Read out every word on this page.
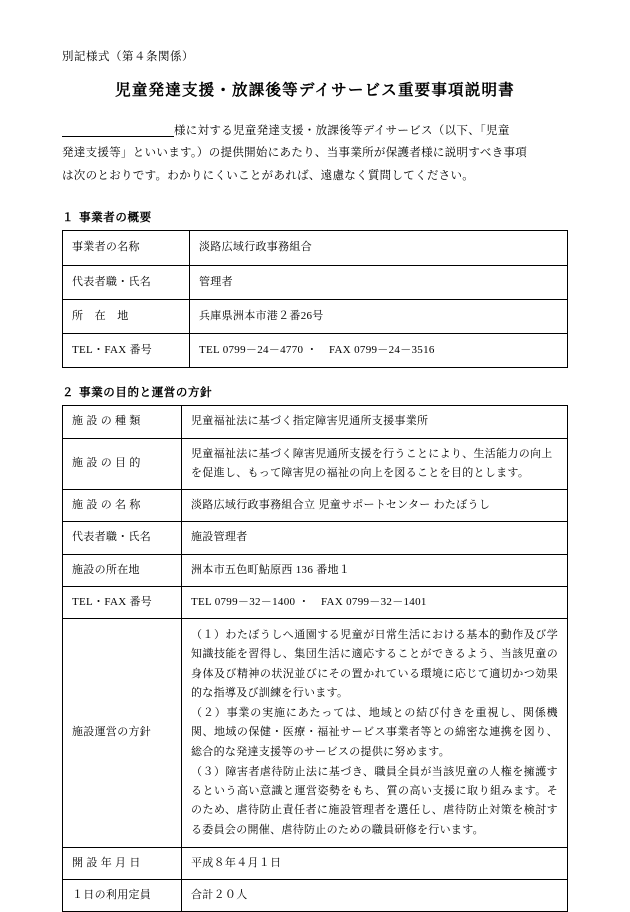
別記様式（第４条関係）
児童発達支援・放課後等デイサービス重要事項説明書
様に対する児童発達支援・放課後等デイサービス（以下、「児童
発達支援等」といいます。）の提供開始にあたり、当事業所が保護者様に説明すべき事項
は次のとおりです。わかりにくいことがあれば、遠慮なく質問してください。
１ 事業者の概要
事業者の名称	淡路広域行政事務組合
代表者職・氏名	管理者
所　在　地	兵庫県洲本市港２番26号
TEL・FAX 番号	TEL 0799－24－4770 ・　FAX 0799－24－3516
２ 事業の目的と運営の方針
施 設 の 種 類	児童福祉法に基づく指定障害児通所支援事業所
施 設 の 目 的	児童福祉法に基づく障害児通所支援を行うことにより、生活能力の向上を促進し、もって障害児の福祉の向上を図ることを目的とします。
施 設 の 名 称	淡路広域行政事務組合立 児童サポートセンター わたぼうし
代表者職・氏名	施設管理者
施設の所在地	洲本市五色町鮎原西 136 番地１
TEL・FAX 番号	TEL 0799－32－1400 ・　FAX 0799－32－1401
施設運営の方針	（１）わたぼうしへ通園する児童が日常生活における基本的動作及び学知識技能を習得し、集団生活に適応することができるよう、当該児童の身体及び精神の状況並びにその置かれている環境に応じて適切かつ効果的な指導及び訓練を行います。
（２）事業の実施にあたっては、地域との結び付きを重視し、関係機関、地域の保健・医療・福祉サービス事業者等との綿密な連携を図り、総合的な発達支援等のサービスの提供に努めます。
（３）障害者虐待防止法に基づき、職員全員が当該児童の人権を擁護するという高い意識と運営姿勢をもち、質の高い支援に取り組みます。そのため、虐待防止責任者に施設管理者を選任し、虐待防止対策を検討する委員会の開催、虐待防止のための職員研修を行います。

開 設 年 月 日	平成８年４月１日
１日の利用定員	合計２０人
